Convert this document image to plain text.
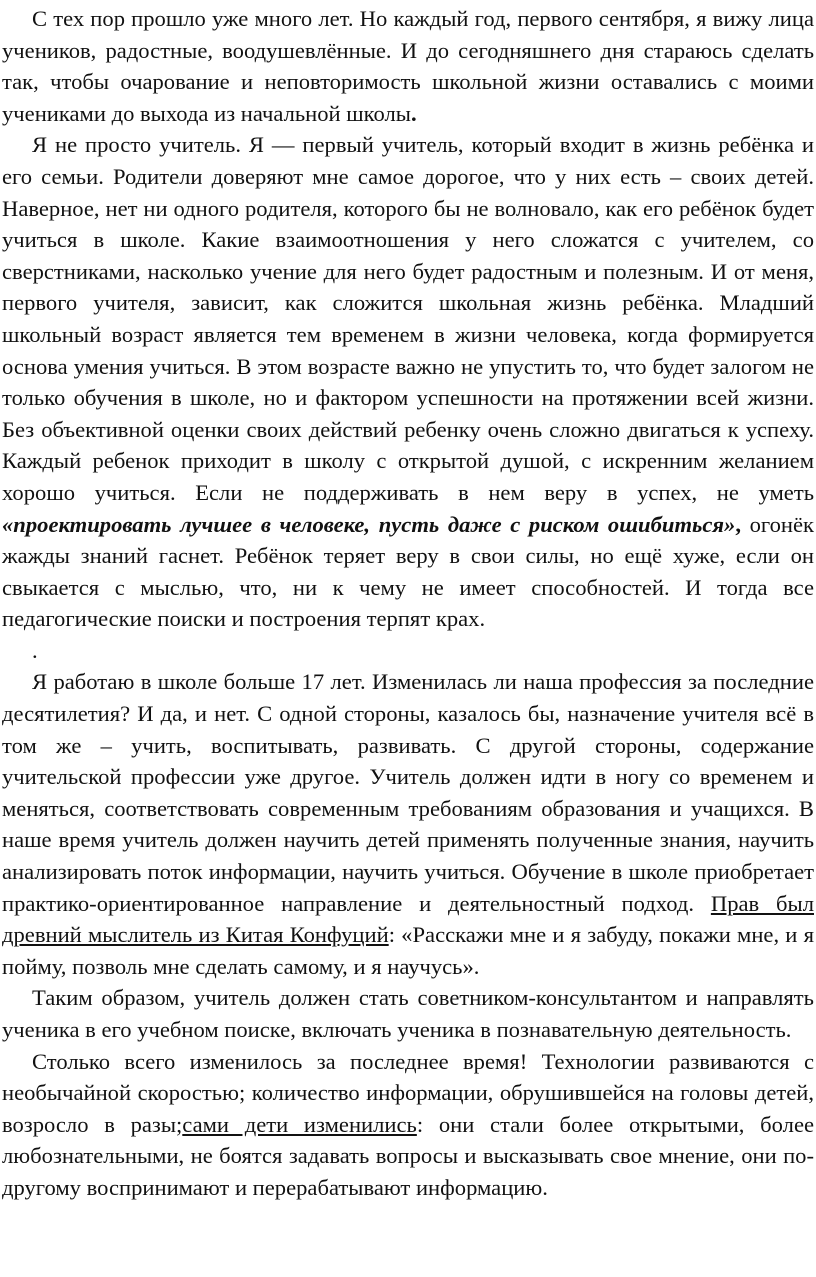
С тех пор прошло уже много лет. Но каждый год, первого сентября, я вижу лица учеников, радостные, воодушевлённые. И до сегодняшнего дня стараюсь сделать так, чтобы очарование и неповторимость школьной жизни оставались с моими учениками до выхода из начальной школы.

Я не просто учитель. Я — первый учитель, который входит в жизнь ребёнка и его семьи. Родители доверяют мне самое дорогое, что у них есть – своих детей. Наверное, нет ни одного родителя, которого бы не волновало, как его ребёнок будет учиться в школе. Какие взаимоотношения у него сложатся с учителем, со сверстниками, насколько учение для него будет радостным и полезным. И от меня, первого учителя, зависит, как сложится школьная жизнь ребёнка. Младший школьный возраст является тем временем в жизни человека, когда формируется основа умения учиться. В этом возрасте важно не упустить то, что будет залогом не только обучения в школе, но и фактором успешности на протяжении всей жизни. Без объективной оценки своих действий ребенку очень сложно двигаться к успеху. Каждый ребенок приходит в школу с открытой душой, с искренним желанием хорошо учиться. Если не поддерживать в нем веру в успех, не уметь «проектировать лучшее в человеке, пусть даже с риском ошибиться», огонёк жажды знаний гаснет. Ребёнок теряет веру в свои силы, но ещё хуже, если он свыкается с мыслью, что, ни к чему не имеет способностей. И тогда все педагогические поиски и построения терпят крах.

.

Я работаю в школе больше 17 лет. Изменилась ли наша профессия за последние десятилетия? И да, и нет. С одной стороны, казалось бы, назначение учителя всё в том же – учить, воспитывать, развивать. С другой стороны, содержание учительской профессии уже другое. Учитель должен идти в ногу со временем и меняться, соответствовать современным требованиям образования и учащихся. В наше время учитель должен научить детей применять полученные знания, научить анализировать поток информации, научить учиться. Обучение в школе приобретает практико-ориентированное направление и деятельностный подход. Прав был древний мыслитель из Китая Конфуций: «Расскажи мне и я забуду, покажи мне, и я пойму, позволь мне сделать самому, и я научусь».

Таким образом, учитель должен стать советником-консультантом и направлять ученика в его учебном поиске, включать ученика в познавательную деятельность.

Столько всего изменилось за последнее время! Технологии развиваются с необычайной скоростью; количество информации, обрушившейся на головы детей, возросло в разы;сами дети изменились: они стали более открытыми, более любознательными, не боятся задавать вопросы и высказывать свое мнение, они по-другому воспринимают и перерабатывают информацию.
